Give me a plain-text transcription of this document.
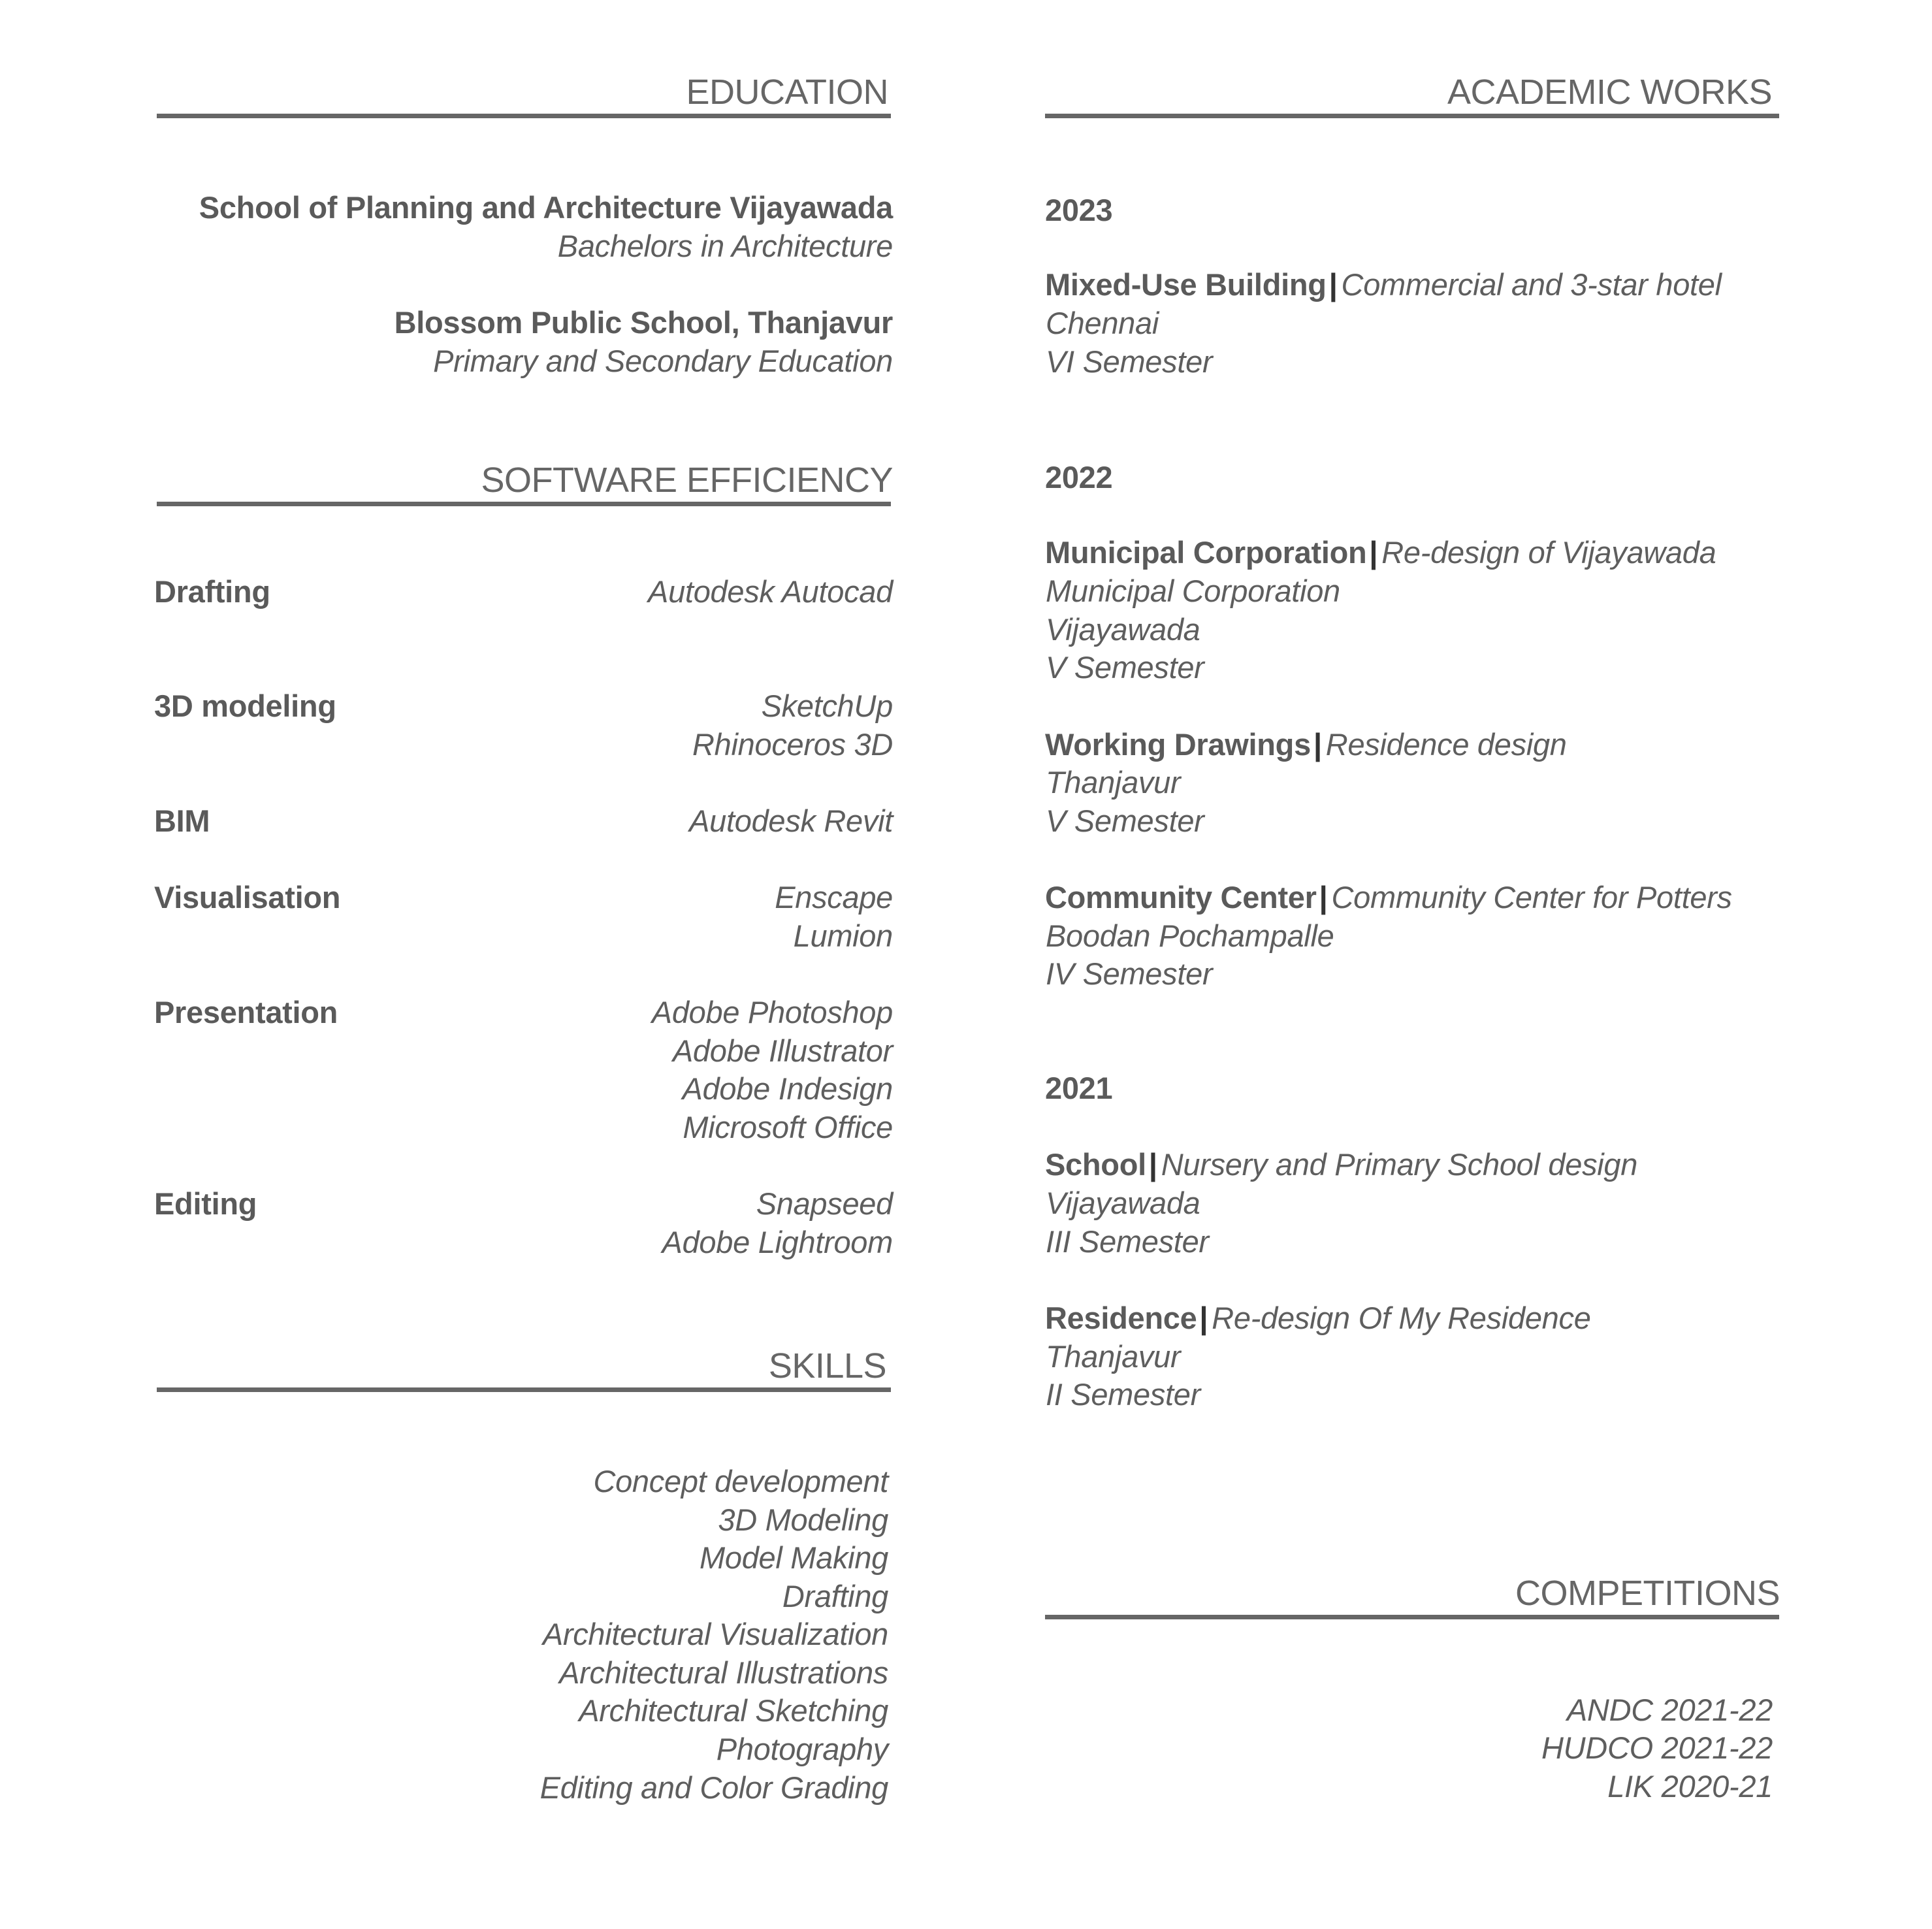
EDUCATION
School of Planning and Architecture Vijayawada
Bachelors in Architecture
Blossom Public School, Thanjavur
Primary and Secondary Education
SOFTWARE EFFICIENCY
Drafting	Autodesk Autocad
3D modeling	SketchUp
Rhinoceros 3D
BIM	Autodesk Revit
Visualisation	Enscape
Lumion
Presentation	Adobe Photoshop
Adobe Illustrator
Adobe Indesign
Microsoft Office
Editing	Snapseed
Adobe Lightroom
SKILLS
Concept development
3D Modeling
Model Making
Drafting
Architectural Visualization
Architectural Illustrations
Architectural Sketching
Photography
Editing and Color Grading
ACADEMIC WORKS
2023
Mixed-Use Building| Commercial and 3-star hotel
Chennai
VI Semester
2022
Municipal Corporation| Re-design of Vijayawada
Municipal Corporation
Vijayawada
V Semester
Working Drawings| Residence design
Thanjavur
V Semester
Community Center| Community Center for Potters
Boodan Pochampalle
IV Semester
2021
School| Nursery and Primary School design
Vijayawada
III Semester
Residence| Re-design Of My Residence
Thanjavur
II Semester
COMPETITIONS
ANDC 2021-22
HUDCO 2021-22
LIK 2020-21
